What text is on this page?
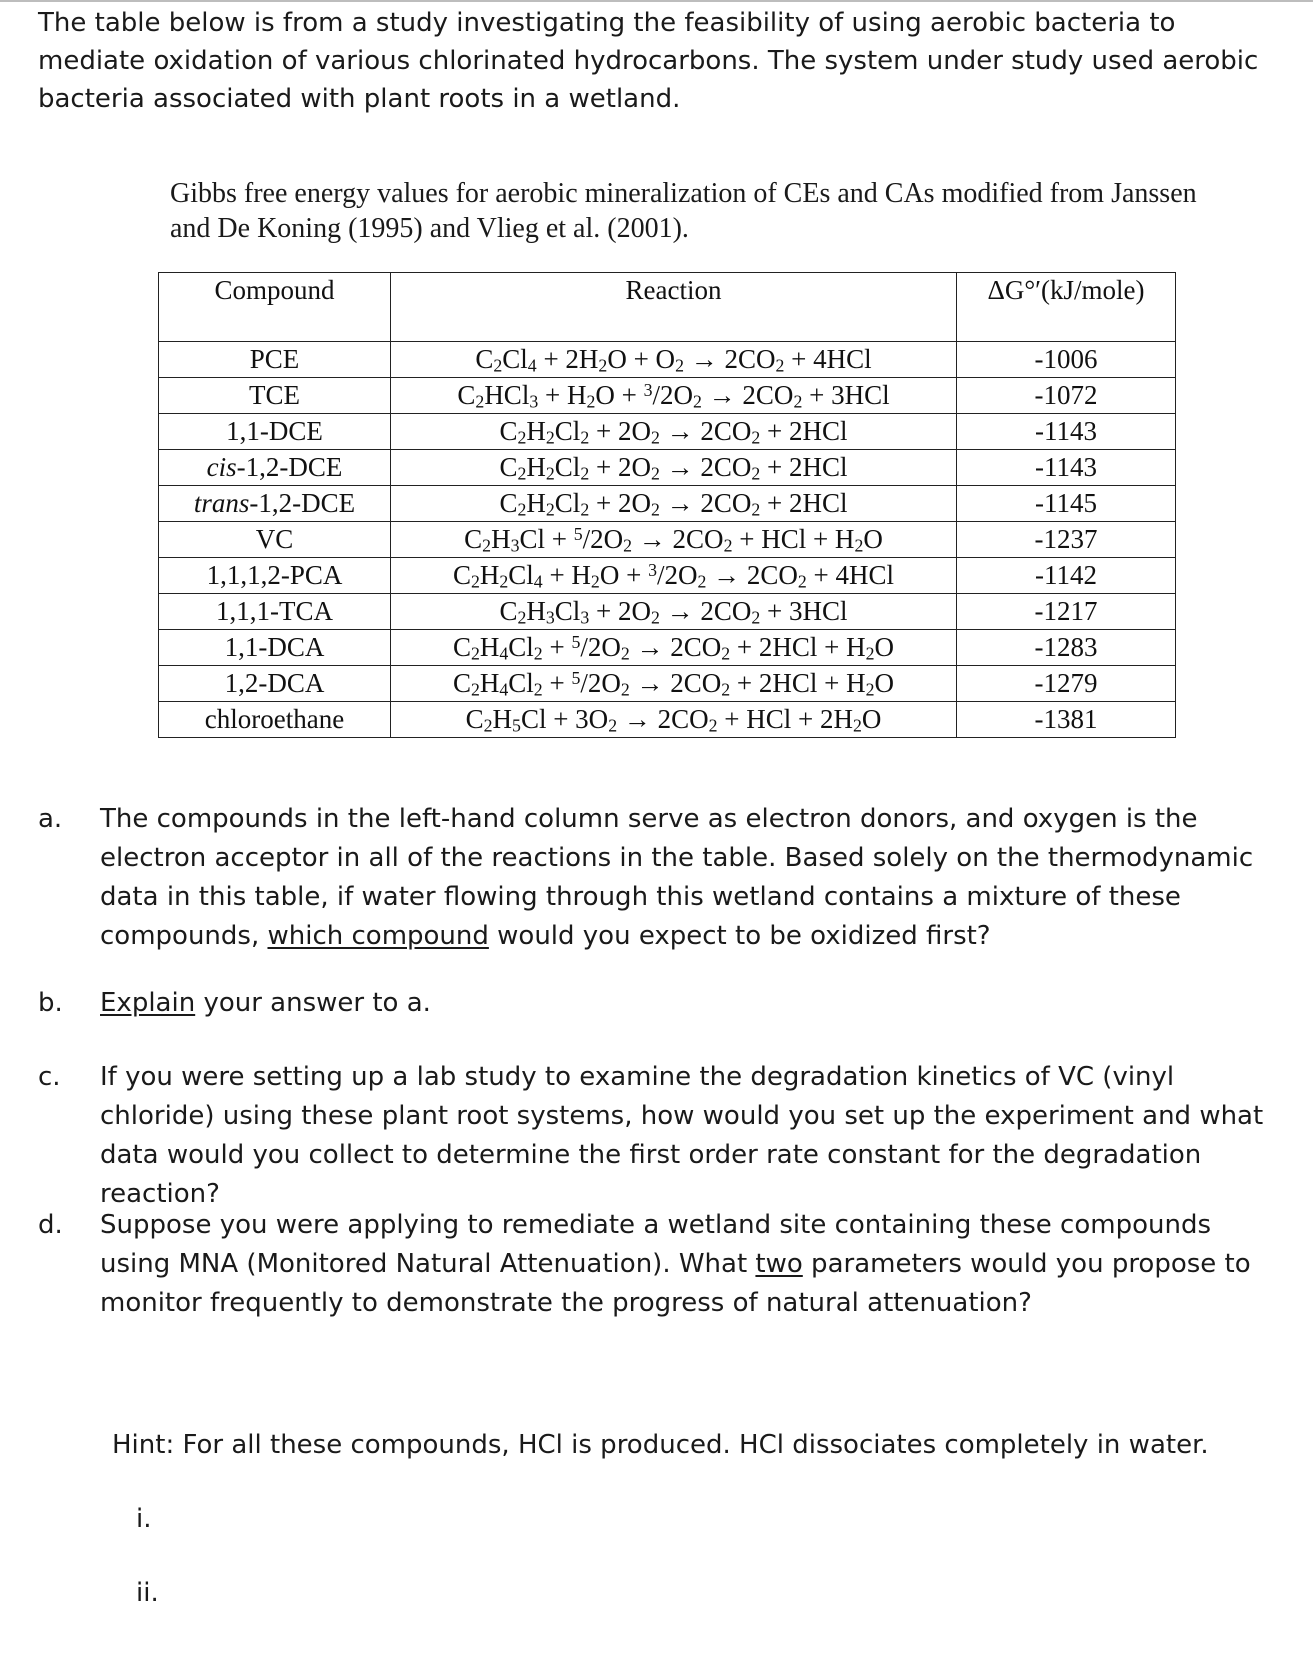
The table below is from a study investigating the feasibility of using aerobic bacteria to mediate oxidation of various chlorinated hydrocarbons. The system under study used aerobic bacteria associated with plant roots in a wetland.
Gibbs free energy values for aerobic mineralization of CEs and CAs modified from Janssen and De Koning (1995) and Vlieg et al. (2001).
Compound	Reaction	ΔG°′(kJ/mole)
PCE	$C_2Cl_4 + 2H_2O + O_2 \to 2CO_2 + 4HCl$	-1006
TCE	$C_2HCl_3 + H_2O + ^3/2O_2 \to 2CO_2 + 3HCl$	-1072
1,1-DCE	$C_2H_2Cl_2 + 2O_2 \to 2CO_2 + 2HCl$	-1143
cis-1,2-DCE	$C_2H_2Cl_2 + 2O_2 \to 2CO_2 + 2HCl$	-1143
trans-1,2-DCE	$C_2H_2Cl_2 + 2O_2 \to 2CO_2 + 2HCl$	-1145
VC	$C_2H_3Cl + ^5/2O_2 \to 2CO_2$ + HCl + $H_2O$	-1237
1,1,1,2-PCA	$C_2H_2Cl_4 + H_2O + ^3/2O_2 \to 2CO_2 + 4HCl$	-1142
1,1,1-TCA	$C_2H_3Cl_3 + 2O_2 \to 2CO_2 + 3HCl$	-1217
1,1-DCA	$C_2H_4Cl_2 + ^5/2O_2 \to 2CO_2 + 2HCl + H_2O$	-1283
1,2-DCA	$C_2H_4Cl_2 + ^5/2O_2 \to 2CO_2 + 2HCl + H_2O$	-1279
chloroethane	$C_2H_5Cl + 3O_2 \to 2CO_2$ + HCl + $2H_2O$	-1381
a. The compounds in the left-hand column serve as electron donors, and oxygen is the electron acceptor in all of the reactions in the table. Based solely on the thermodynamic data in this table, if water flowing through this wetland contains a mixture of these compounds, which compound would you expect to be oxidized first?
b. Explain your answer to a.
c. If you were setting up a lab study to examine the degradation kinetics of VC (vinyl chloride) using these plant root systems, how would you set up the experiment and what data would you collect to determine the first order rate constant for the degradation reaction?
d. Suppose you were applying to remediate a wetland site containing these compounds using MNA (Monitored Natural Attenuation). What two parameters would you propose to monitor frequently to demonstrate the progress of natural attenuation?
Hint: For all these compounds, HCl is produced. HCl dissociates completely in water.
i.
ii.
